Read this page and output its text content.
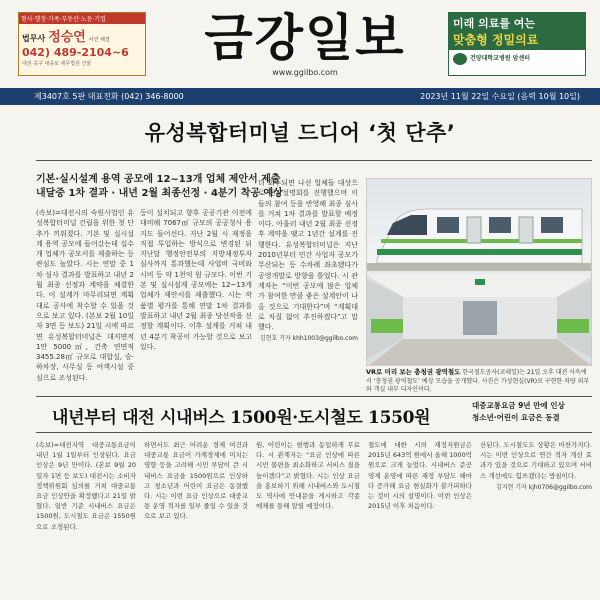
형사·행정·가족·부동산·노동·기업
법무사 정승연 사건 해결
042) 489-2104~6
대전 중구 대종로 세무법원 건물	금강일보
www.ggilbo.com
미래 의료를 여는
맞춤형 정밀의료
건양대학교병원 암센터
제3407호 5판 대표전화 (042) 346-8000	2023년 11월 22일 수요일 (음력 10월 10일)
유성복합터미널 드디어 ‘첫 단추’
기본·실시설계 용역 공모에 12~13개 업체 제안서 제출
내달중 1차 결과 · 내년 2월 최종선정 · 4분기 착공 예상

(속보)=대전시의 숙원사업인 유성복합터미널 건립을 위한 첫 단추가 끼워졌다. 기본 및 실시설계 용역 공모에 들어갔는데 십수 개 업체가 공모서를 제출하는 등 관심도 높았다. 시는 연말 중 1차 심사 결과를 발표하고 내년 2월 최종 선정과 계약을 체결한다. 이 설계가 마무리되면 계획대로 공사에 착수할 수 있을 것으로 보고 있다. (본보 2월 10일자 3면 등 보도) 21일 시에 따르면 유성복합터미널은 대지면적 1만 5000㎡, 건축 연면적 3455.28㎡ 규모로 대합실, 승·하차장, 사무실 등 여객시설 중심으로 조성된다.

등이 설치되고 향후 공공기관 이전에 대비해 7067㎡ 규모의 공공청사 용지도 들어선다. 지난 2월 시 재정을 직접 투입하는 방식으로 변경된 뒤 지난달 행정안전부의 지방재정투자심사까지 통과했는데 사업비 국비와 시비 등 약 1천억 원 규모다. 이번 기본 및 실시설계 공모에는 12~13개 업체가 제안서를 제출했다. 시는 작품별 평가를 통해 연말 1차 결과를 발표하고 내년 2월 최종 당선작을 선정할 계획이다. 이후 설계를 거쳐 내년 4분기 착공이 가능할 것으로 보고 있다.

더 회수되면 나선 업체들 대상으로 현장설명회를 진행했으며 이들의 참여 등을 반영해 최종 심사를 거쳐 1차 결과를 발표할 예정이다. 아울러 내년 2월 최종 선정 후 계약을 맺고 1년간 설계를 진행한다. 유성복합터미널은 지난 2010년부터 민간 사업자 공모가 무산되는 등 수차례 좌초됐다가 공영개발로 방향을 틀었다. 시 관계자는 “이번 공모에 많은 업체가 참여한 만큼 좋은 설계안이 나올 것으로 기대한다”며 “계획대로 차질 없이 추진하겠다”고 말했다.

김현호 기자 khh1003@ggilbo.com

VR로 미리 보는 충청권 광역철도 한국철도공사(코레일)는 21일 오후 대전 사옥에서 ‘충청권 광역철도’ 예상 모습을 공개했다. 사진은 가상현실(VR)로 구현한 차량 외부와 객실 내부 디자인이다.
내년부터 대전 시내버스 1500원·도시철도 1550원
대중교통요금 9년 만에 인상
청소년·어린이 요금은 동결

(속보)=대전지역 대중교통요금이 내년 1월 1일부터 인상된다. 요금 인상은 9년 만이다. (본보 9월 20일자 1면 등 보도) 대전시는 소비자정책위원회 심의를 거쳐 대중교통요금 인상안을 확정했다고 21일 밝혔다. 일반 기준 시내버스 요금은 1500원, 도시철도 요금은 1550원으로 조정된다.

하면서도 최근 어려운 경제 여건과 대중교통 요금이 가계경제에 미치는 영향 등을 고려해 시민 부담이 큰 시내버스 요금을 1500원으로 인상하고 청소년과 어린이 요금은 동결했다. 시는 이번 요금 인상으로 대중교통 운영 적자를 일부 줄일 수 있을 것으로 보고 있다.

원, 어린이는 현행과 동일하게 무료다. 시 관계자는 “요금 인상에 따른 시민 불편을 최소화하고 서비스 질을 높이겠다”고 밝혔다. 시는 인상 요금을 홍보하기 위해 시내버스와 도시철도 역사에 안내문을 게시하고 각종 매체를 통해 알릴 예정이다.

철도에 대한 시의 재정지원금은 2015년 643억 원에서 올해 1000억 원으로 크게 늘었다. 시내버스 준공영제 운영에 따른 재정 부담도 해마다 증가해 요금 현실화가 불가피하다는 것이 시의 설명이다. 이번 인상은 2015년 이후 처음이다.

산된다. 도시철도도 상황은 마찬가지다. 시는 이번 인상으로 연간 적자 개선 효과가 있을 것으로 기대하고 있으며 서비스 개선에도 힘쓰겠다는 방침이다.

김지현 기자 kjh0706@ggilbo.com
